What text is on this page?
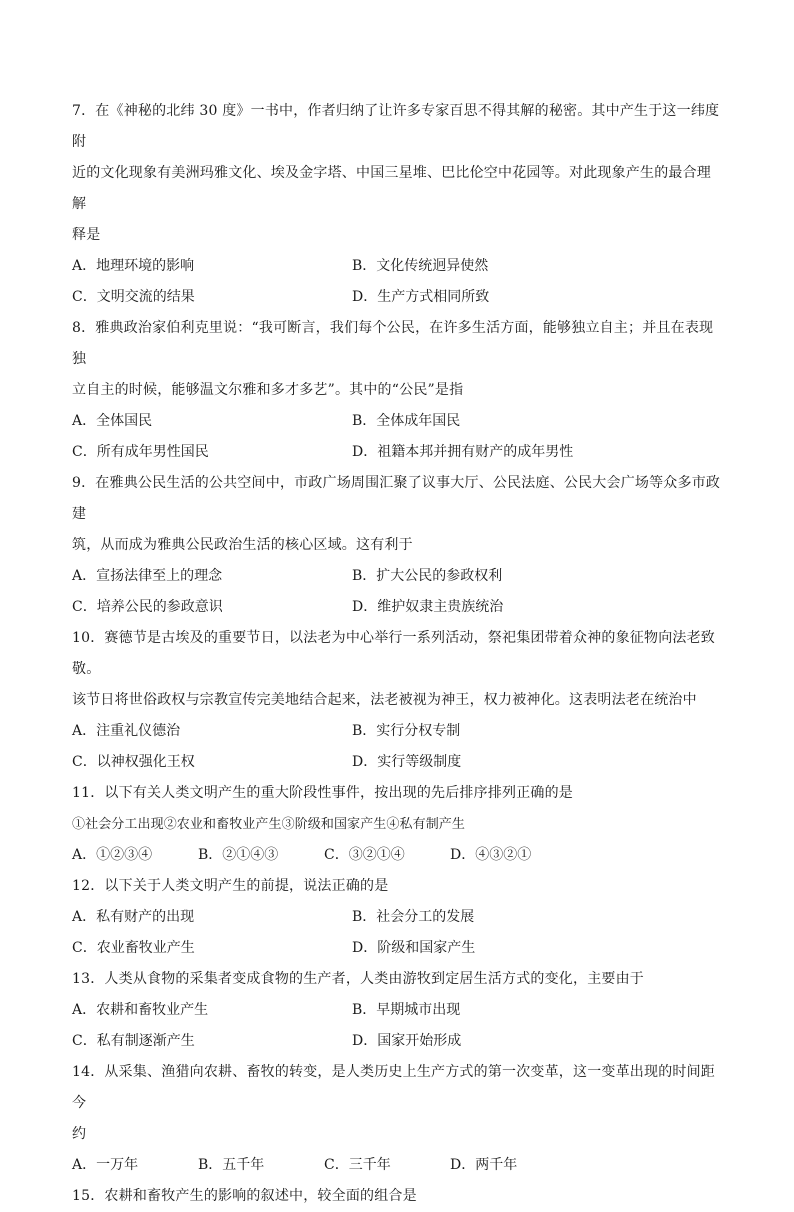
7．在《神秘的北纬 30 度》一书中，作者归纳了让许多专家百思不得其解的秘密。其中产生于这一纬度附

近的文化现象有美洲玛雅文化、埃及金字塔、中国三星堆、巴比伦空中花园等。对此现象产生的最合理解

释是

A．地理环境的影响	B．文化传统迥异使然
C．文明交流的结果	D．生产方式相同所致

8．雅典政治家伯利克里说：“我可断言，我们每个公民，在许多生活方面，能够独立自主；并且在表现独

立自主的时候，能够温文尔雅和多才多艺”。其中的“公民”是指

A．全体国民	B．全体成年国民
C．所有成年男性国民	D．祖籍本邦并拥有财产的成年男性

9．在雅典公民生活的公共空间中，市政广场周围汇聚了议事大厅、公民法庭、公民大会广场等众多市政建

筑，从而成为雅典公民政治生活的核心区域。这有利于

A．宣扬法律至上的理念	B．扩大公民的参政权利
C．培养公民的参政意识	D．维护奴隶主贵族统治

10．赛德节是古埃及的重要节日，以法老为中心举行一系列活动，祭祀集团带着众神的象征物向法老致敬。

该节日将世俗政权与宗教宣传完美地结合起来，法老被视为神王，权力被神化。这表明法老在统治中

A．注重礼仪德治	B．实行分权专制
C．以神权强化王权	D．实行等级制度

11．以下有关人类文明产生的重大阶段性事件，按出现的先后排序排列正确的是

①社会分工出现②农业和畜牧业产生③阶级和国家产生④私有制产生

A．①②③④	B．②①④③	C．③②①④	D．④③②①

12．以下关于人类文明产生的前提，说法正确的是

A．私有财产的出现	B．社会分工的发展
C．农业畜牧业产生	D．阶级和国家产生

13．人类从食物的采集者变成食物的生产者，人类由游牧到定居生活方式的变化，主要由于

A．农耕和畜牧业产生	B．早期城市出现
C．私有制逐渐产生	D．国家开始形成

14．从采集、渔猎向农耕、畜牧的转变，是人类历史上生产方式的第一次变革，这一变革出现的时间距今

约

A．一万年	B．五千年	C．三千年	D．两千年

15．农耕和畜牧产生的影响的叙述中，较全面的组合是
